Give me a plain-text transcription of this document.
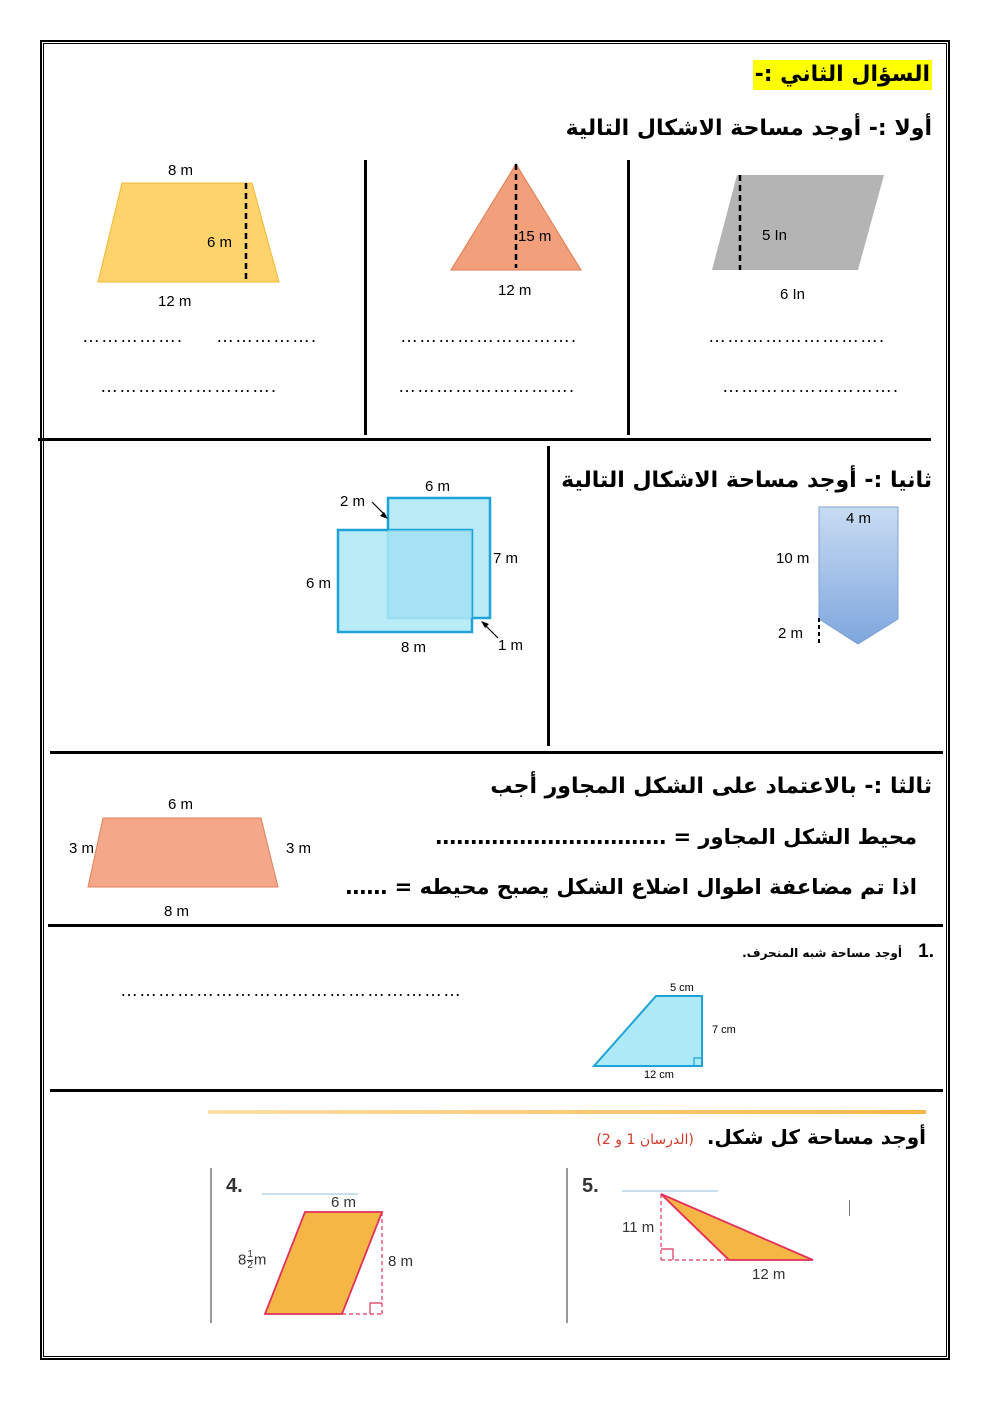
السؤال الثاني :-
أولا :- أوجد مساحة الاشكال التالية
5 In
6 In
15 m
12 m
8 m
6 m
12 m
……………………….
……………………….
……………………….
……………………….
……………. …………….
……………………….
ثانيا :- أوجد مساحة الاشكال التالية
4 m
10 m
2 m
6 m
2 m
7 m
6 m
8 m	1 m
ثالثا :- بالاعتماد على الشكل المجاور أجب
محيط الشكل المجاور = ……………………………
اذا تم مضاعفة اطوال اضلاع الشكل يصبح محيطه = ……
6 m
3 m	3 m
8 m
1.
أوجد مساحة شبه المنحرف.
………………………………………………	5 cm
7 cm
12 cm
أوجد مساحة كل شكل. (الدرسان 1 و 2)
4.
6 m
8 m
$8 \frac{1}{2}$ m
5.
11 m
12 m
